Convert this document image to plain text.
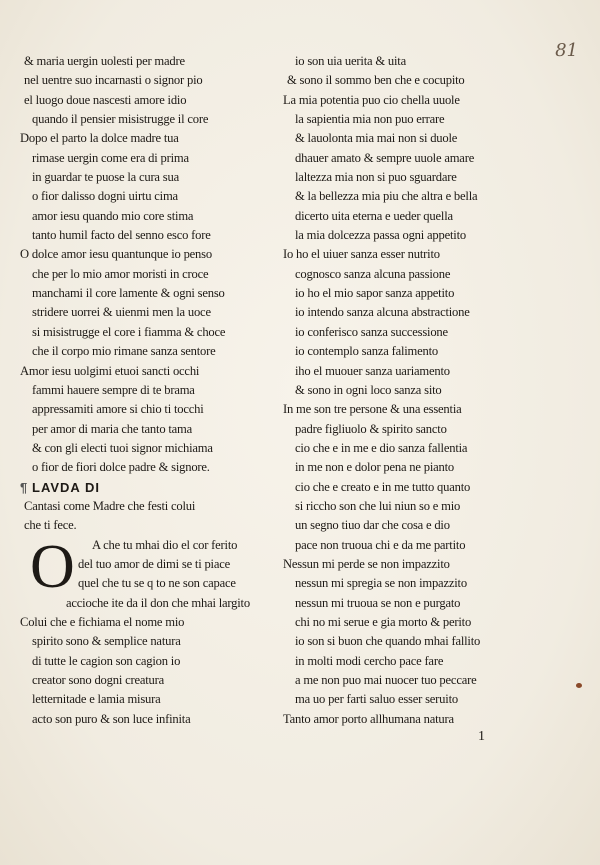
81
& maria uergin uolesti per madre
nel uentre suo incarnasti o signor pio
el luogo doue nascesti amore idio
quando il pensier misistrugge il core
Dopo el parto la dolce madre tua
rimase uergin come era di prima
in guardar te puose la cura sua
o fior dalisso dogni uirtu cima
amor iesu quando mio core stima
tanto humil facto del senno esco fore
O dolce amor iesu quantunque io penso
che per lo mio amor moristi in croce
manchami il core lamente & ogni senso
stridere uorrei & uienmi men la uoce
si misistrugge el core i fiamma & choce
che il corpo mio rimane sanza sentore
Amor iesu uolgimi etuoi sancti occhi
fammi hauere sempre di te brama
appressamiti amore si chio ti tocchi
per amor di maria che tanto tama
& con gli electi tuoi signor michiama
o fior de fiori dolce padre & signore.
¶ LAVDA DI
Cantasi come Madre che festi colui
che ti fece.
O	A che tu mhai dio el cor ferito
del tuo amor de dimi se ti piace
quel che tu se q to ne son capace
accioche ite da il don che mhai largito
Colui che e fichiama el nome mio
spirito sono & semplice natura
di tutte le cagion son cagion io
creator sono dogni creatura
letternitade e lamia misura
acto son puro & son luce infinita
io son uia uerita & uita
& sono il sommo ben che e cocupito
La mia potentia puo cio chella uuole
la sapientia mia non puo errare
& lauolonta mia mai non si duole
dhauer amato & sempre uuole amare
laltezza mia non si puo sguardare
& la bellezza mia piu che altra e bella
dicerto uita eterna e ueder quella
la mia dolcezza passa ogni appetito
Io ho el uiuer sanza esser nutrito
cognosco sanza alcuna passione
io ho el mio sapor sanza appetito
io intendo sanza alcuna abstractione
io conferisco sanza successione
io contemplo sanza falimento
iho el muouer sanza uariamento
& sono in ogni loco sanza sito
In me son tre persone & una essentia
padre figliuolo & spirito sancto
cio che e in me e dio sanza fallentia
in me non e dolor pena ne pianto
cio che e creato e in me tutto quanto
si riccho son che lui niun so e mio
un segno tiuo dar che cosa e dio
pace non truoua chi e da me partito
Nessun mi perde se non impazzito
nessun mi spregia se non impazzito
nessun mi truoua se non e purgato
chi no mi serue e gia morto & perito
io son si buon che quando mhai fallito
in molti modi cercho pace fare
a me non puo mai nuocer tuo peccare
ma uo per farti saluo esser seruito
Tanto amor porto allhumana natura
1
